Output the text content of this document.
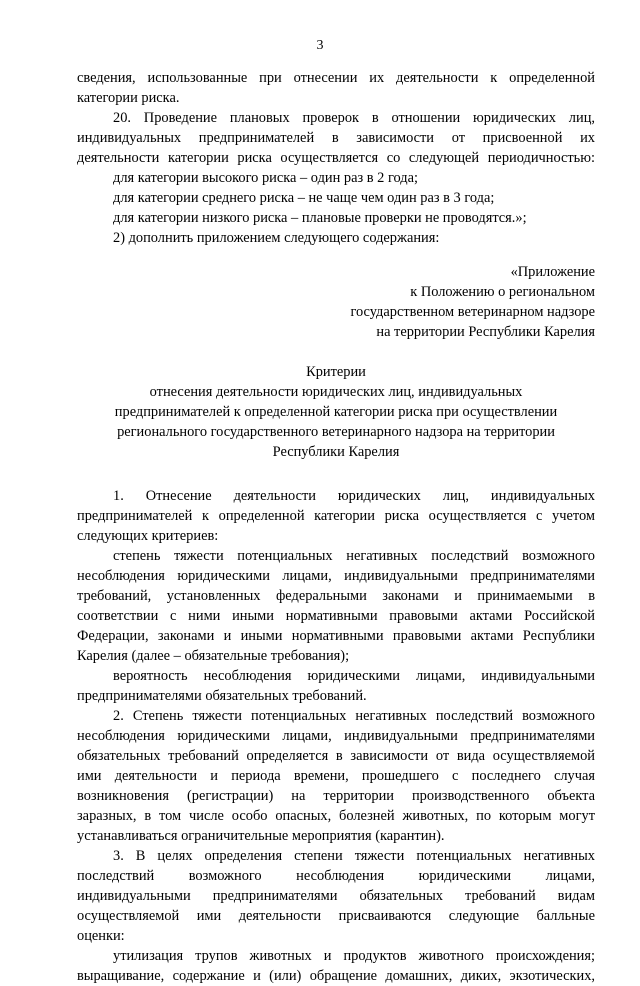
3

сведения, использованные при отнесении их деятельности к определенной

категории риска.

20. Проведение плановых проверок в отношении юридических лиц,

индивидуальных предпринимателей в зависимости от присвоенной их

деятельности категории риска осуществляется со следующей периодичностью:

для категории высокого риска – один раз в 2 года;

для категории среднего риска – не чаще чем один раз в 3 года;

для категории низкого риска – плановые проверки не проводятся.»;

2) дополнить приложением следующего содержания:

«Приложение

к Положению о региональном

государственном ветеринарном надзоре

на территории Республики Карелия

Критерии

отнесения деятельности юридических лиц, индивидуальных

предпринимателей к определенной категории риска при осуществлении

регионального государственного ветеринарного надзора на территории

Республики Карелия

1. Отнесение деятельности юридических лиц, индивидуальных

предпринимателей к определенной категории риска осуществляется с учетом

следующих критериев:

степень тяжести потенциальных негативных последствий возможного

несоблюдения юридическими лицами, индивидуальными предпринимателями

требований, установленных федеральными законами и принимаемыми в

соответствии с ними иными нормативными правовыми актами Российской

Федерации, законами и иными нормативными правовыми актами Республики

Карелия (далее – обязательные требования);

вероятность несоблюдения юридическими лицами, индивидуальными

предпринимателями обязательных требований.

2. Степень тяжести потенциальных негативных последствий возможного

несоблюдения юридическими лицами, индивидуальными предпринимателями

обязательных требований определяется в зависимости от вида осуществляемой

ими деятельности и периода времени, прошедшего с последнего случая

возникновения (регистрации) на территории производственного объекта

заразных, в том числе особо опасных, болезней животных, по которым могут

устанавливаться ограничительные мероприятия (карантин).

3. В целях определения степени тяжести потенциальных негативных

последствий возможного несоблюдения юридическими лицами,

индивидуальными предпринимателями обязательных требований видам

осуществляемой ими деятельности присваиваются следующие балльные

оценки:

утилизация трупов животных и продуктов животного происхождения;

выращивание, содержание и (или) обращение домашних, диких, экзотических,
